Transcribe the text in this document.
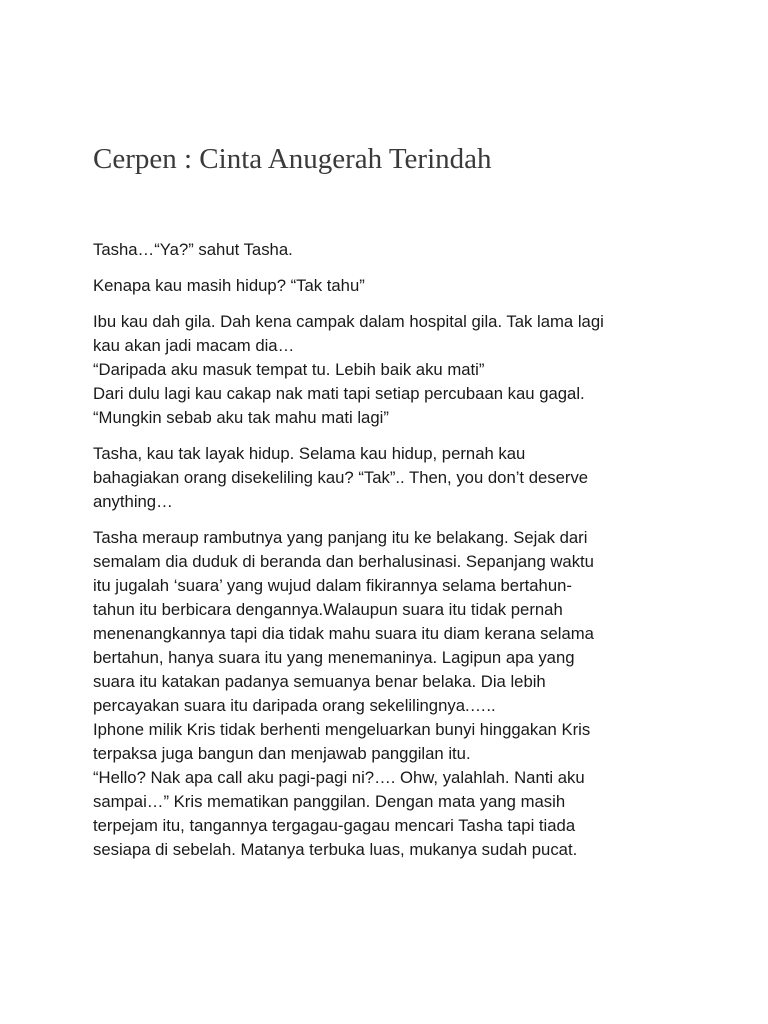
Cerpen : Cinta Anugerah Terindah

Tasha…“Ya?” sahut Tasha.

Kenapa kau masih hidup? “Tak tahu”

Ibu kau dah gila. Dah kena campak dalam hospital gila. Tak lama lagi
kau akan jadi macam dia…
“Daripada aku masuk tempat tu. Lebih baik aku mati”
Dari dulu lagi kau cakap nak mati tapi setiap percubaan kau gagal.
“Mungkin sebab aku tak mahu mati lagi”

Tasha, kau tak layak hidup. Selama kau hidup, pernah kau
bahagiakan orang disekeliling kau? “Tak”.. Then, you don’t deserve
anything…

Tasha meraup rambutnya yang panjang itu ke belakang. Sejak dari
semalam dia duduk di beranda dan berhalusinasi. Sepanjang waktu
itu jugalah ‘suara’ yang wujud dalam fikirannya selama bertahun-
tahun itu berbicara dengannya.Walaupun suara itu tidak pernah
menenangkannya tapi dia tidak mahu suara itu diam kerana selama
bertahun, hanya suara itu yang menemaninya. Lagipun apa yang
suara itu katakan padanya semuanya benar belaka. Dia lebih
percayakan suara itu daripada orang sekelilingnya.…..
Iphone milik Kris tidak berhenti mengeluarkan bunyi hinggakan Kris
terpaksa juga bangun dan menjawab panggilan itu.
“Hello? Nak apa call aku pagi-pagi ni?…. Ohw, yalahlah. Nanti aku
sampai…” Kris mematikan panggilan. Dengan mata yang masih
terpejam itu, tangannya tergagau-gagau mencari Tasha tapi tiada
sesiapa di sebelah. Matanya terbuka luas, mukanya sudah pucat.
